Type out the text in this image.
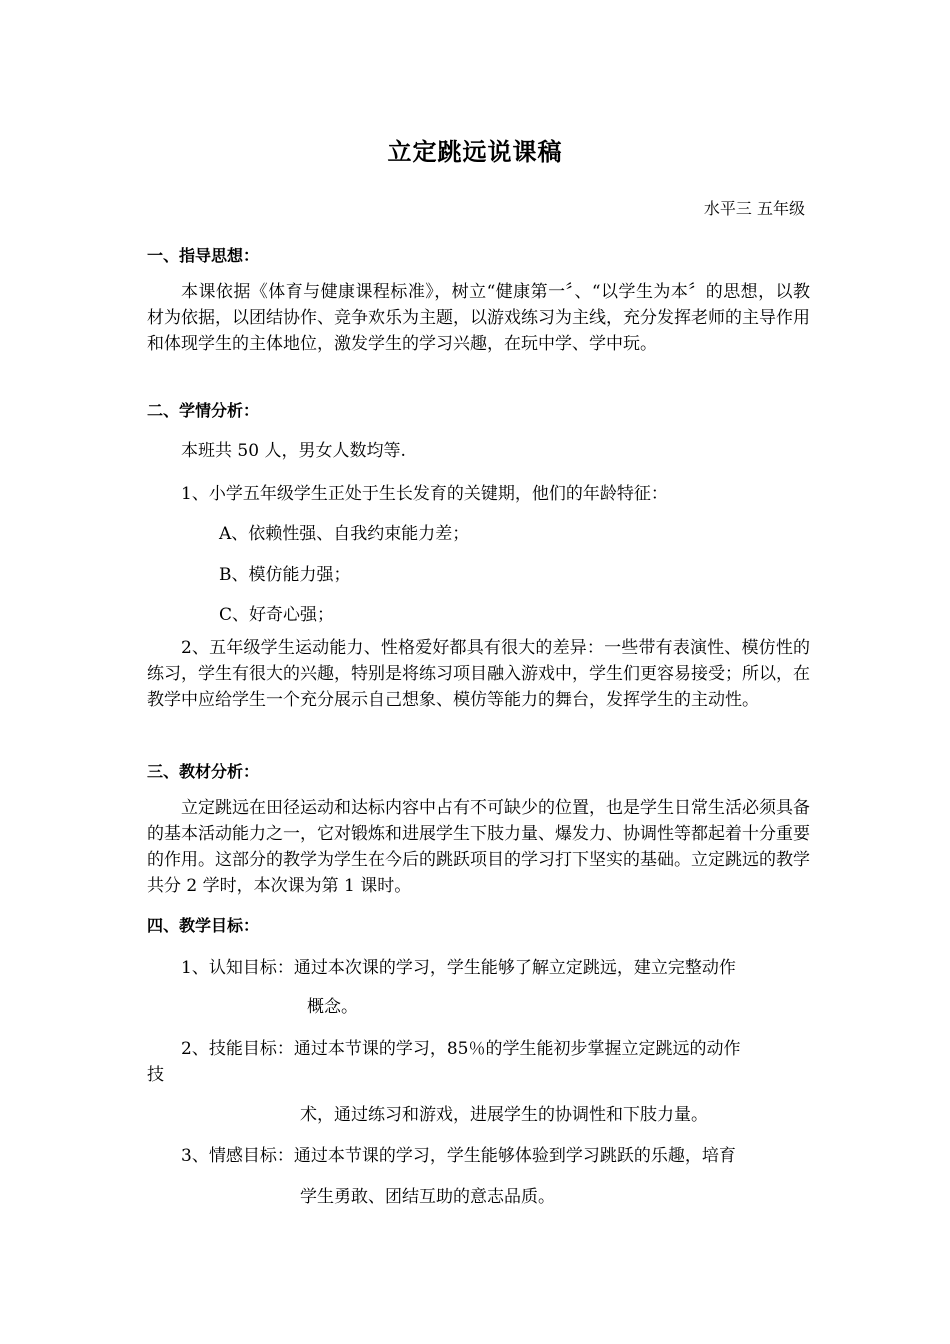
立定跳远说课稿
水平三 五年级
一、指导思想：
本课依据《体育与健康课程标准》，树立“健康第一〞、“以学生为本〞的思想，以教材为依据，以团结协作、竞争欢乐为主题，以游戏练习为主线，充分发挥老师的主导作用和体现学生的主体地位，激发学生的学习兴趣，在玩中学、学中玩。
二、学情分析：
本班共 50 人，男女人数均等.
1、小学五年级学生正处于生长发育的关键期，他们的年龄特征：
A、依赖性强、自我约束能力差；
B、模仿能力强；
C、好奇心强；
2、五年级学生运动能力、性格爱好都具有很大的差异：一些带有表演性、模仿性的练习，学生有很大的兴趣，特别是将练习项目融入游戏中，学生们更容易接受；所以，在教学中应给学生一个充分展示自己想象、模仿等能力的舞台，发挥学生的主动性。
三、教材分析：
立定跳远在田径运动和达标内容中占有不可缺少的位置，也是学生日常生活必须具备的基本活动能力之一，它对锻炼和进展学生下肢力量、爆发力、协调性等都起着十分重要的作用。这部分的教学为学生在今后的跳跃项目的学习打下坚实的基础。立定跳远的教学共分 2 学时，本次课为第 1 课时。
四、教学目标：
1、认知目标：通过本次课的学习，学生能够了解立定跳远，建立完整动作
概念。
2、技能目标：通过本节课的学习，85％的学生能初步掌握立定跳远的动作
技
术，通过练习和游戏，进展学生的协调性和下肢力量。
3、情感目标：通过本节课的学习，学生能够体验到学习跳跃的乐趣，培育
学生勇敢、团结互助的意志品质。
